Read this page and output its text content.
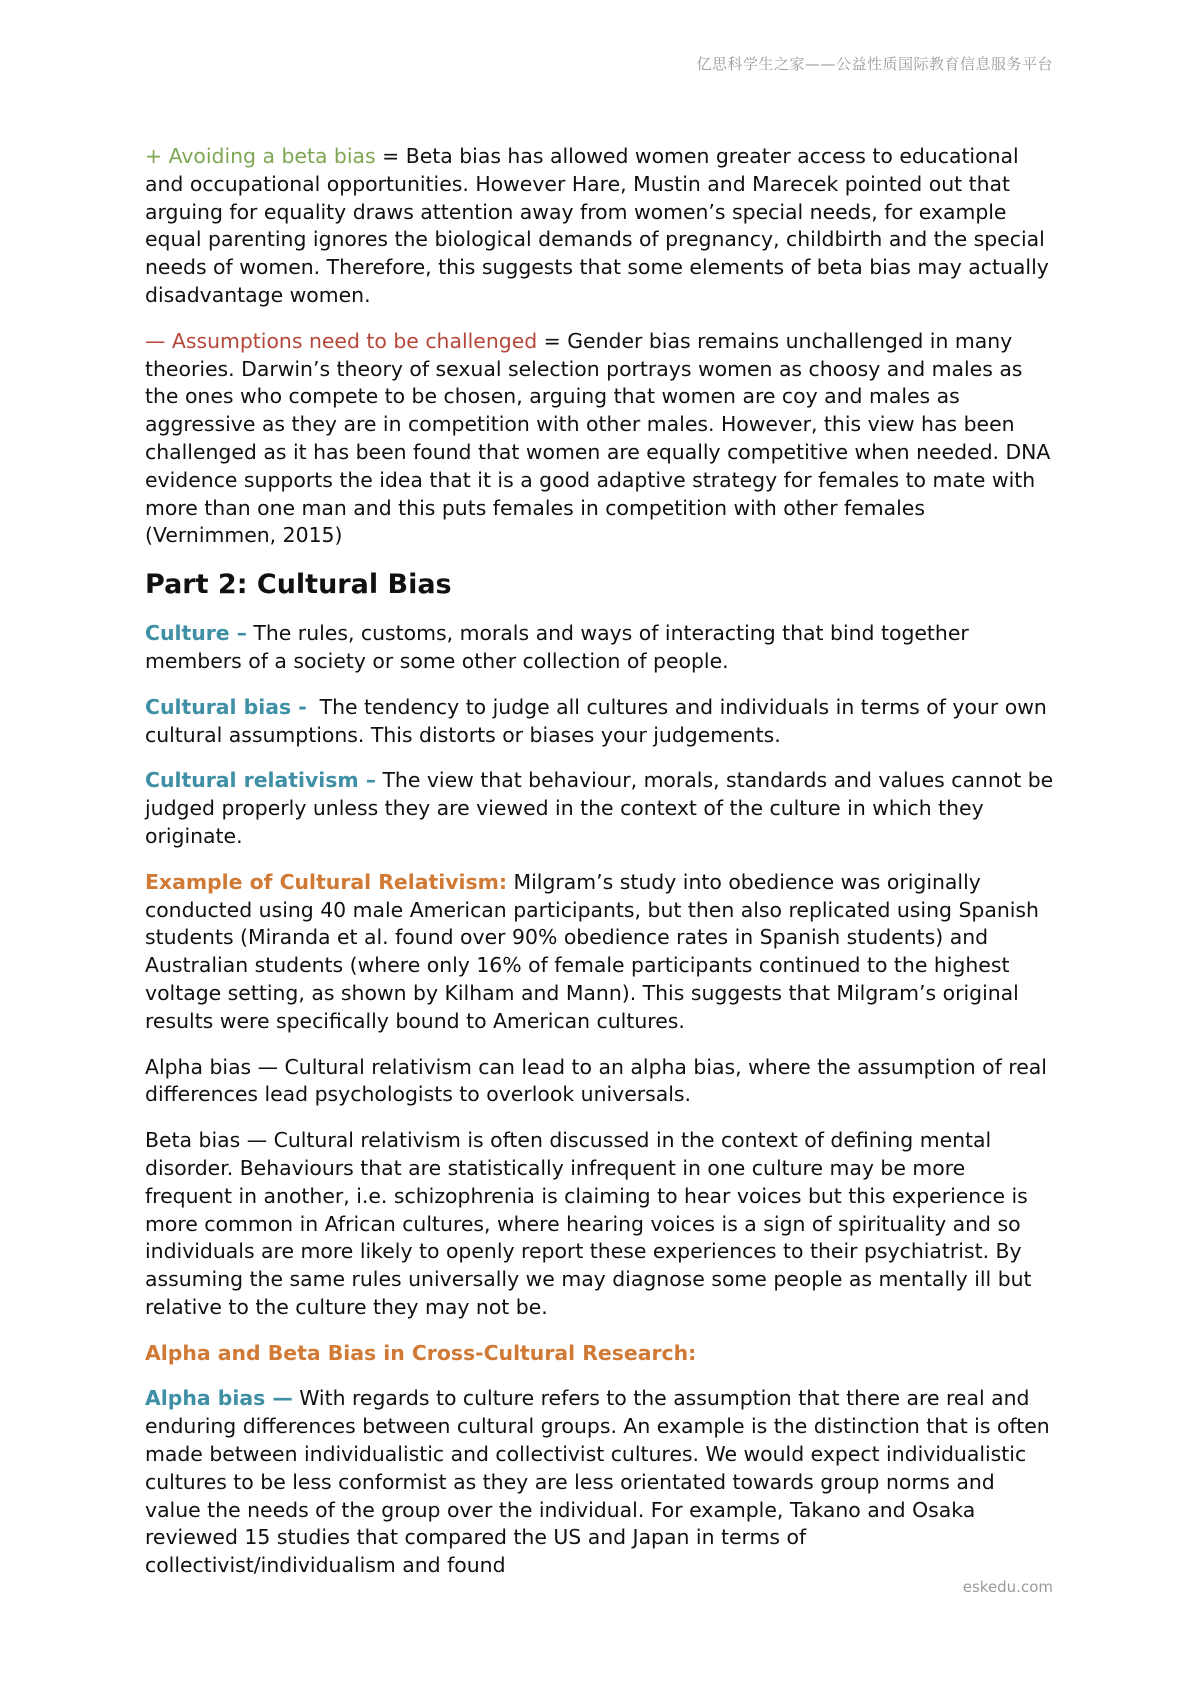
亿思科学生之家——公益性质国际教育信息服务平台

+ Avoiding a beta bias = Beta bias has allowed women greater access to educational and occupational opportunities. However Hare, Mustin and Marecek pointed out that arguing for equality draws attention away from women’s special needs, for example equal parenting ignores the biological demands of pregnancy, childbirth and the special needs of women. Therefore, this suggests that some elements of beta bias may actually disadvantage women.

— Assumptions need to be challenged = Gender bias remains unchallenged in many theories. Darwin’s theory of sexual selection portrays women as choosy and males as the ones who compete to be chosen, arguing that women are coy and males as aggressive as they are in competition with other males. However, this view has been challenged as it has been found that women are equally competitive when needed. DNA evidence supports the idea that it is a good adaptive strategy for females to mate with more than one man and this puts females in competition with other females (Vernimmen, 2015)

Part 2: Cultural Bias

Culture – The rules, customs, morals and ways of interacting that bind together members of a society or some other collection of people.

Cultural bias -  The tendency to judge all cultures and individuals in terms of your own cultural assumptions. This distorts or biases your judgements.

Cultural relativism – The view that behaviour, morals, standards and values cannot be judged properly unless they are viewed in the context of the culture in which they originate.

Example of Cultural Relativism: Milgram’s study into obedience was originally conducted using 40 male American participants, but then also replicated using Spanish students (Miranda et al. found over 90% obedience rates in Spanish students) and Australian students (where only 16% of female participants continued to the highest voltage setting, as shown by Kilham and Mann). This suggests that Milgram’s original results were specifically bound to American cultures.

Alpha bias — Cultural relativism can lead to an alpha bias, where the assumption of real differences lead psychologists to overlook universals.

Beta bias — Cultural relativism is often discussed in the context of defining mental disorder. Behaviours that are statistically infrequent in one culture may be more frequent in another, i.e. schizophrenia is claiming to hear voices but this experience is more common in African cultures, where hearing voices is a sign of spirituality and so individuals are more likely to openly report these experiences to their psychiatrist. By assuming the same rules universally we may diagnose some people as mentally ill but relative to the culture they may not be.

Alpha and Beta Bias in Cross-Cultural Research:

Alpha bias — With regards to culture refers to the assumption that there are real and enduring differences between cultural groups. An example is the distinction that is often made between individualistic and collectivist cultures. We would expect individualistic cultures to be less conformist as they are less orientated towards group norms and value the needs of the group over the individual. For example, Takano and Osaka reviewed 15 studies that compared the US and Japan in terms of collectivist/individualism and found

eskedu.com
